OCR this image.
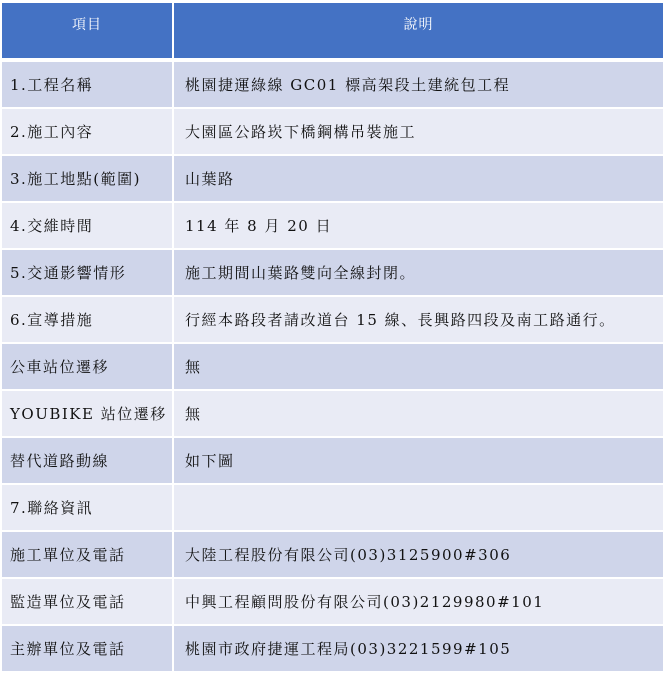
項目	說明

1.工程名稱	桃園捷運綠線 GC01 標高架段土建統包工程
2.施工內容	大園區公路崁下橋鋼構吊裝施工
3.施工地點(範圍)	山葉路
4.交維時間	114 年 8 月 20 日
5.交通影響情形	施工期間山葉路雙向全線封閉。
6.宣導措施	行經本路段者請改道台 15 線、長興路四段及南工路通行。
公車站位遷移	無
YOUBIKE 站位遷移	無
替代道路動線	如下圖
7.聯絡資訊	
施工單位及電話	大陸工程股份有限公司(03)3125900#306
監造單位及電話	中興工程顧問股份有限公司(03)2129980#101
主辦單位及電話	桃園市政府捷運工程局(03)3221599#105
